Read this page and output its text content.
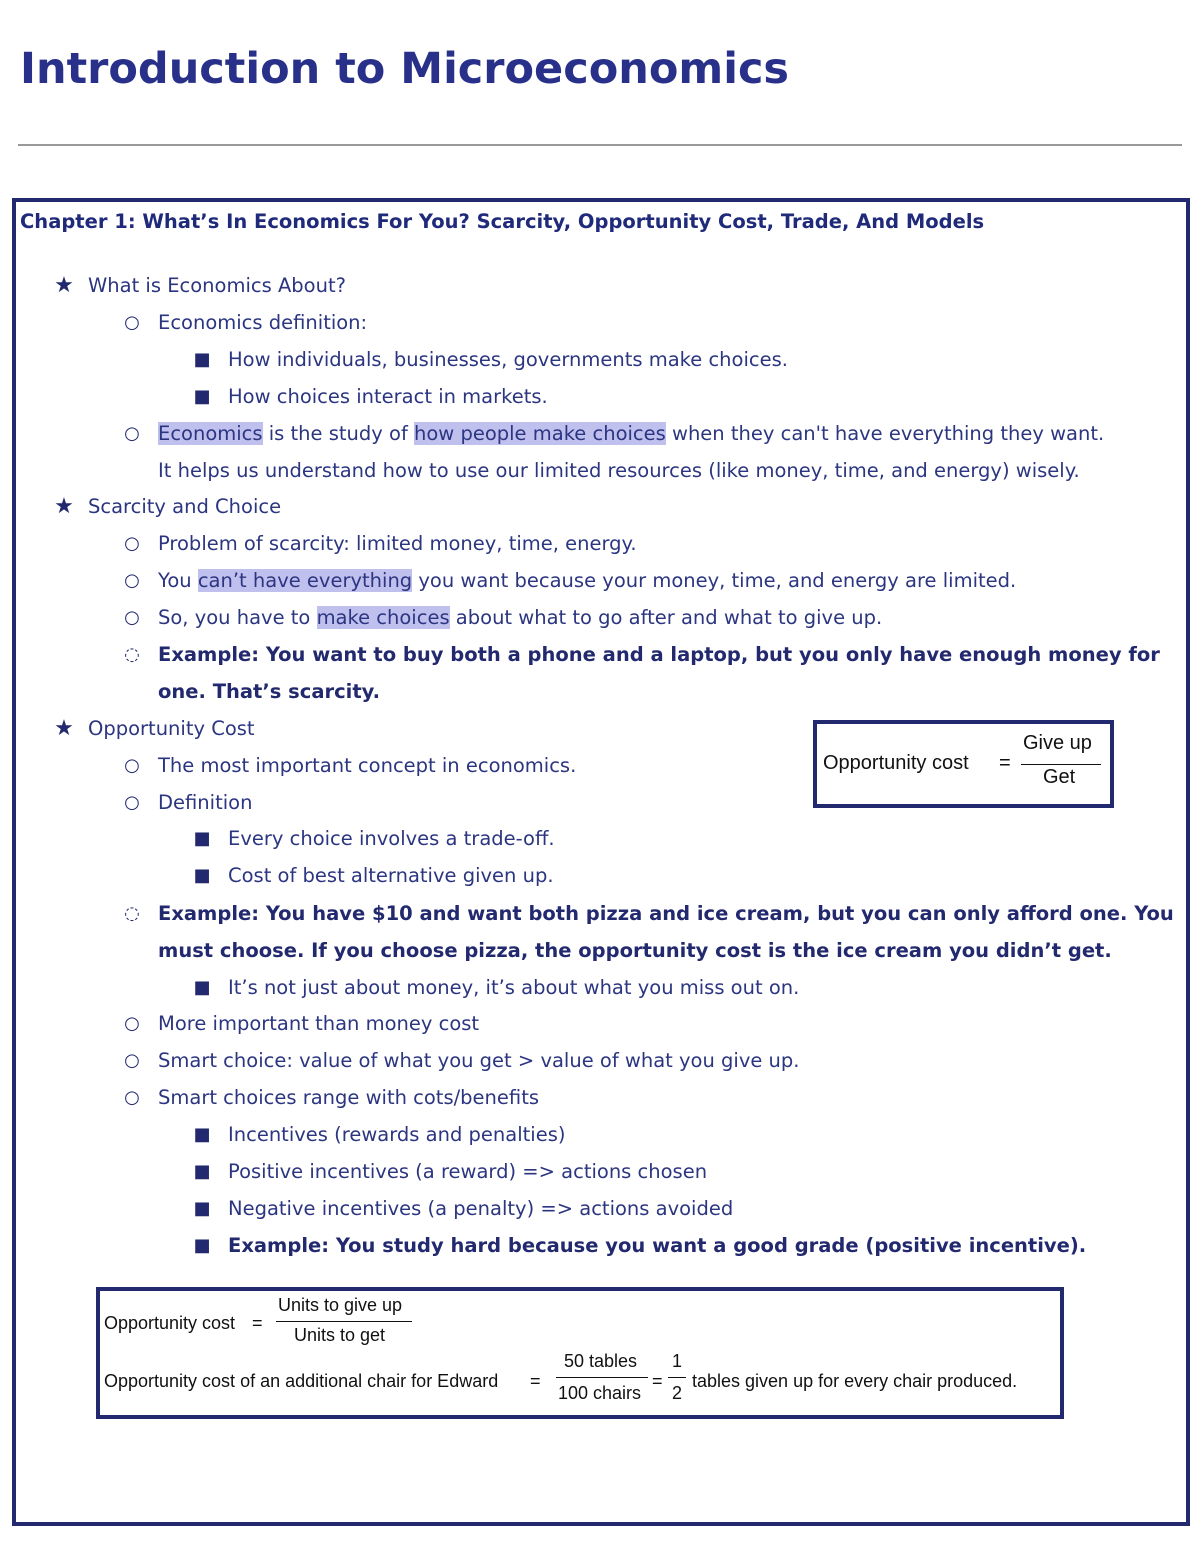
Introduction to Microeconomics
Chapter 1: What’s In Economics For You? Scarcity, Opportunity Cost, Trade, And Models
★ What is Economics About?
○ Economics definition:
■ How individuals, businesses, governments make choices.
■ How choices interact in markets.
○ Economics is the study of how people make choices when they can't have everything they want.
It helps us understand how to use our limited resources (like money, time, and energy) wisely.
★ Scarcity and Choice
○ Problem of scarcity: limited money, time, energy.
○ You can’t have everything you want because your money, time, and energy are limited.
○ So, you have to make choices about what to go after and what to give up.
◌ Example: You want to buy both a phone and a laptop, but you only have enough money for
one. That’s scarcity.
★ Opportunity Cost
○ The most important concept in economics.
○ Definition
■ Every choice involves a trade-off.
■ Cost of best alternative given up.
◌ Example: You have $10 and want both pizza and ice cream, but you can only afford one. You
must choose. If you choose pizza, the opportunity cost is the ice cream you didn’t get.
■ It’s not just about money, it’s about what you miss out on.
○ More important than money cost
○ Smart choice: value of what you get > value of what you give up.
○ Smart choices range with cots/benefits
■ Incentives (rewards and penalties)
■ Positive incentives (a reward) => actions chosen
■ Negative incentives (a penalty) => actions avoided
■ Example: You study hard because you want a good grade (positive incentive).
Opportunity cost =
Give up
Get
Opportunity cost =
Units to give up
Units to get
Opportunity cost of an additional chair for Edward =
50 tables
100 chairs
=
1
2
tables given up for every chair produced.
